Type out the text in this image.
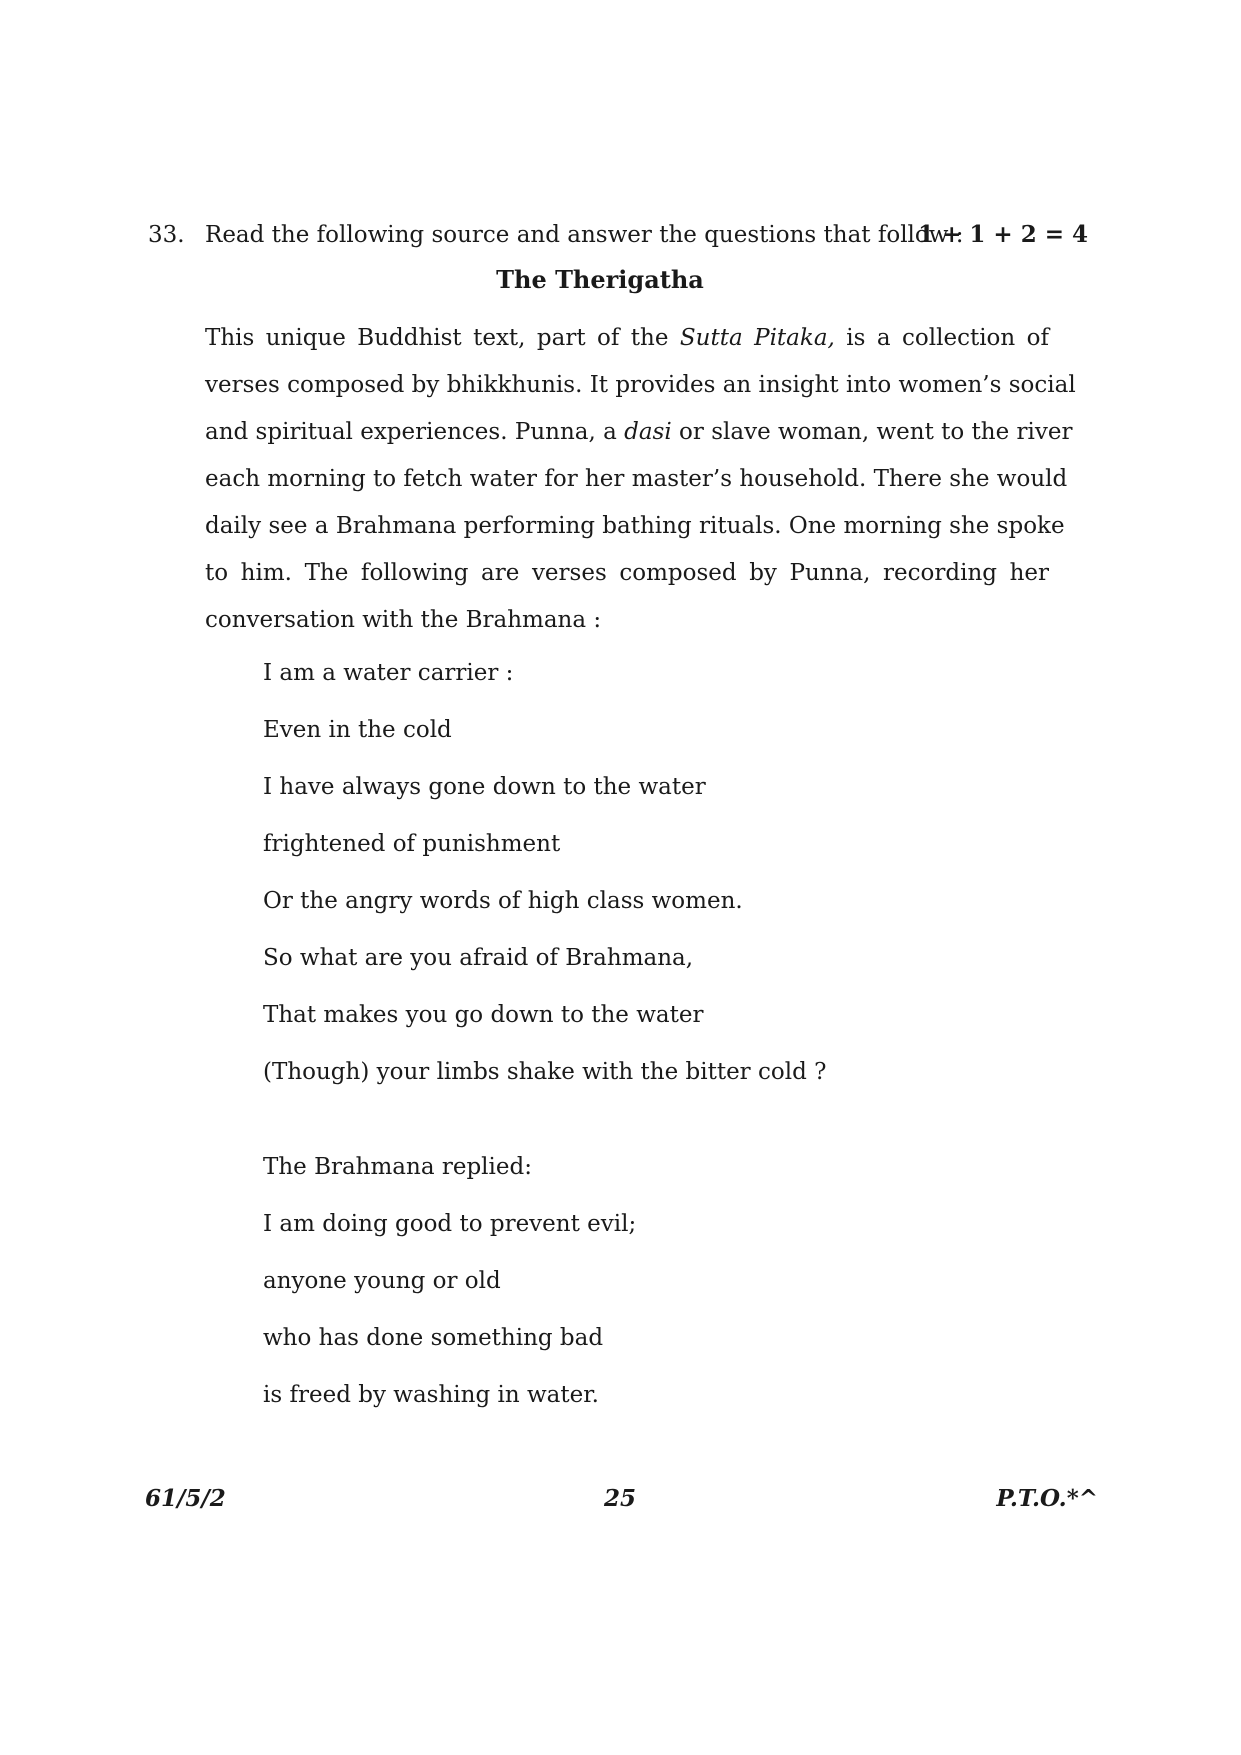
33. Read the following source and answer the questions that follow :
1 + 1 + 2 = 4
The Therigatha
This unique Buddhist text, part of the Sutta Pitaka, is a collection of
verses composed by bhikkhunis. It provides an insight into women’s social
and spiritual experiences. Punna, a dasi or slave woman, went to the river
each morning to fetch water for her master’s household. There she would
daily see a Brahmana performing bathing rituals. One morning she spoke
to him. The following are verses composed by Punna, recording her
conversation with the Brahmana :
I am a water carrier :
Even in the cold
I have always gone down to the water
frightened of punishment
Or the angry words of high class women.
So what are you afraid of Brahmana,
That makes you go down to the water
(Though) your limbs shake with the bitter cold ?
The Brahmana replied:
I am doing good to prevent evil;
anyone young or old
who has done something bad
is freed by washing in water.
61/5/2	25	P.T.O.*^
